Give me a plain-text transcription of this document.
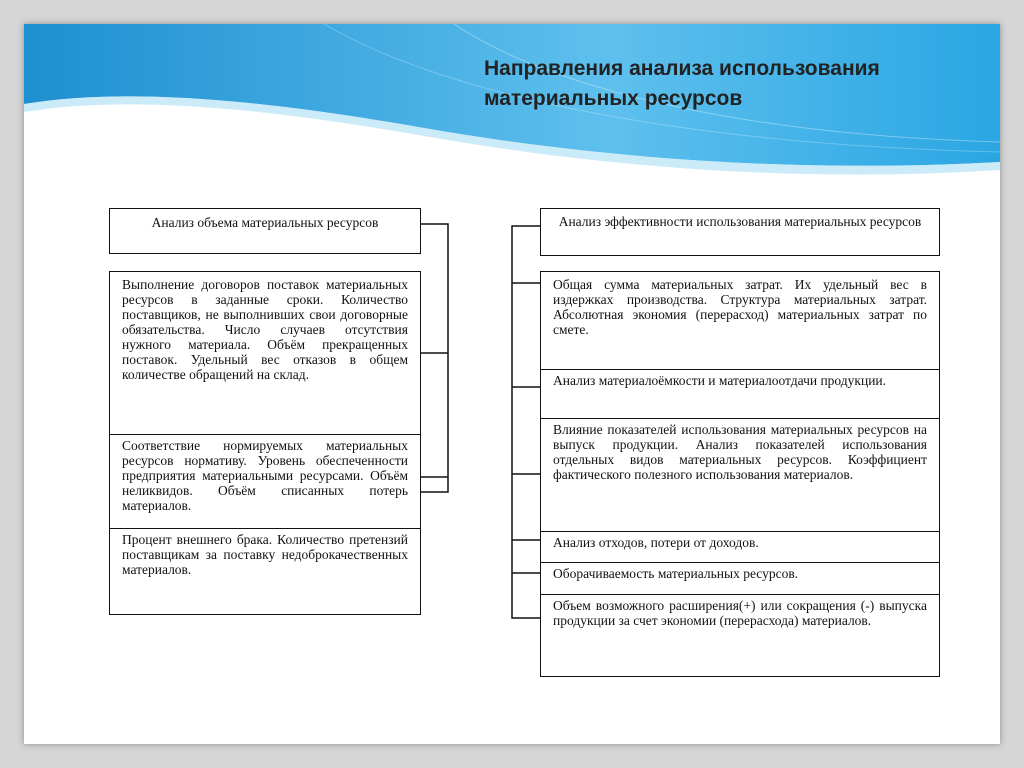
Направления анализа использования
материальных ресурсов
Анализ объема материальных ресурсов
Выполнение договоров поставок материальных ресурсов в заданные сроки. Количество поставщиков, не выполнивших свои договорные обязательства. Число случаев отсутствия нужного материала. Объём прекращенных поставок. Удельный вес отказов в общем количестве обращений на склад.
Соответствие нормируемых материальных ресурсов нормативу. Уровень обеспеченности предприятия материальными ресурсами. Объём неликвидов. Объём списанных потерь материалов.
Процент внешнего брака. Количество претензий поставщикам за поставку недоброкачественных материалов.
Анализ эффективности использования материальных ресурсов
Общая сумма материальных затрат. Их удельный вес в издержках производства. Структура материальных затрат. Абсолютная экономия (перерасход) материальных затрат по смете.
Анализ материалоёмкости и материалоотдачи продукции.
Влияние показателей использования материальных ресурсов на выпуск продукции. Анализ показателей использования отдельных видов материальных ресурсов. Коэффициент фактического полезного использования материалов.
Анализ отходов, потери от доходов.
Оборачиваемость материальных ресурсов.
Объем возможного расширения(+) или сокращения (-) выпуска продукции за счет экономии (перерасхода) материалов.
